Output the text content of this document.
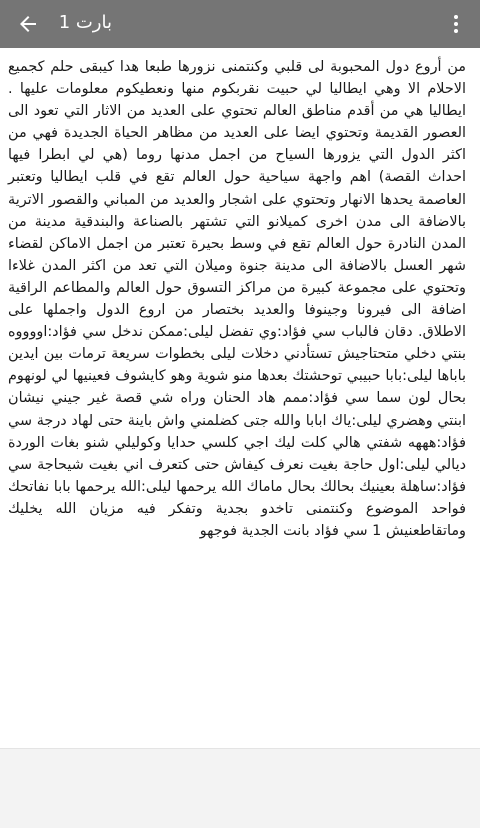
بارت 1

من أروع دول المحبوبة لى قلبي وكنتمنى نزورها طبعا هدا كيبقى حلم كجميع الاحلام الا وهي ايطاليا لي حبيت نقربكوم منها ونعطيكوم معلومات عليها . ايطاليا هي من أقدم مناطق العالم تحتوي على العديد من الاثار التي تعود الى العصور القديمة وتحتوي ايضا على العديد من مظاهر الحياة الجديدة فهي من اكثر الدول التي يزورها السياح من اجمل مدنها روما (هي لي ابطرا فيها احداث القصة) اهم واجهة سياحية حول العالم تقع في قلب ايطاليا وتعتبر العاصمة يحدها الانهار وتحتوي على اشجار والعديد من المباني والقصور الاترية بالاضافة الى مدن اخرى كميلانو التي تشتهر بالصناعة والبندقية مدينة من المدن النادرة حول العالم تقع في وسط بحيرة تعتبر من اجمل الاماكن لقضاء شهر العسل بالاضافة الى مدينة جنوة وميلان التي تعد من اكثر المدن غلاءا وتحتوي على مجموعة كبيرة من مراكز التسوق حول العالم والمطاعم الراقية اضافة الى فيرونا وجينوفا والعديد بختصار من اروع الدول واجملها على الاطلاق. دقان فالباب سي فؤاد:وي تفضل ليلى:ممكن ندخل سي فؤاد:اووووه بنتي دخلي متحتاجيش تستأدني دخلات ليلى بخطوات سريعة ترمات بين ايدين باباها ليلى:بابا حبيبي توحشتك بعدها منو شوية وهو كايشوف فعينيها لي لونهوم بحال لون سما سي فؤاد:ممم هاد الحنان وراه شي قصة غير جيني نيشان ابنتي وهضري ليلى:ياك ابابا والله جتى كضلمني واش باينة حتى لهاد درجة سي فؤاد:هههه شفتي هالي كلت ليك اجي كلسي حدايا وكوليلي شنو بغات الوردة ديالي ليلى:اول حاجة بغيت نعرف كيفاش حتى كتعرف اني بغيت شيحاجة سي فؤاد:ساهلة بعينيك بحالك بحال ماماك الله يرحمها ليلى:الله يرحمها بابا نفاتحك فواحد الموضوع وكنتمنى تاخدو بجدية وتفكر فيه مزيان الله يخليك وماتقاطعنيش 1 سي فؤاد بانت الجدية فوجهو
